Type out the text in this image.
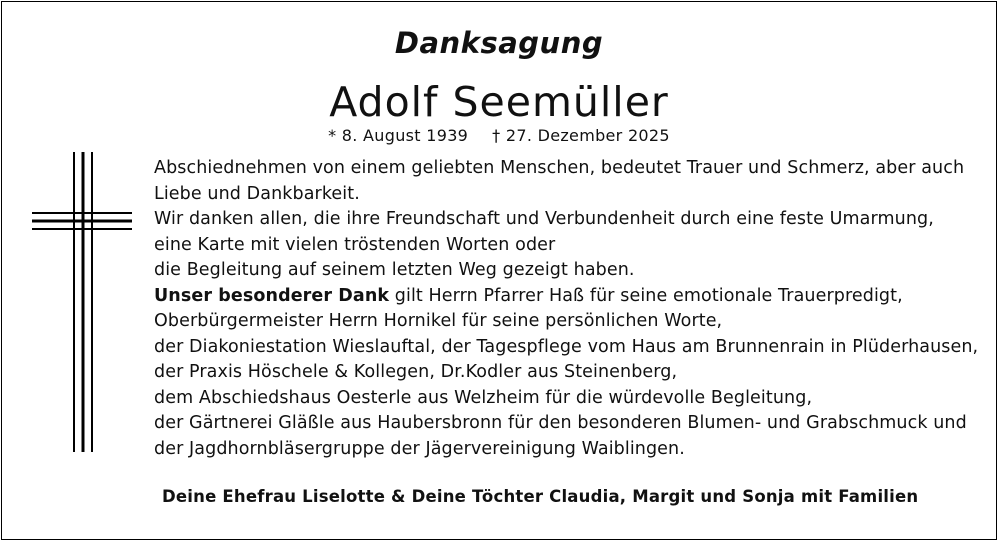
Danksagung
Adolf Seemüller
* 8. August 1939 † 27. Dezember 2025
Abschiednehmen von einem geliebten Menschen, bedeutet Trauer und Schmerz, aber auch
Liebe und Dankbarkeit.
Wir danken allen, die ihre Freundschaft und Verbundenheit durch eine feste Umarmung,
eine Karte mit vielen tröstenden Worten oder
die Begleitung auf seinem letzten Weg gezeigt haben.
Unser besonderer Dank gilt Herrn Pfarrer Haß für seine emotionale Trauerpredigt,
Oberbürgermeister Herrn Hornikel für seine persönlichen Worte,
der Diakoniestation Wieslauftal, der Tagespflege vom Haus am Brunnenrain in Plüderhausen,
der Praxis Höschele & Kollegen, Dr.Kodler aus Steinenberg,
dem Abschiedshaus Oesterle aus Welzheim für die würdevolle Begleitung,
der Gärtnerei Gläßle aus Haubersbronn für den besonderen Blumen- und Grabschmuck und
der Jagdhornbläsergruppe der Jägervereinigung Waiblingen.
Deine Ehefrau Liselotte & Deine Töchter Claudia, Margit und Sonja mit Familien
